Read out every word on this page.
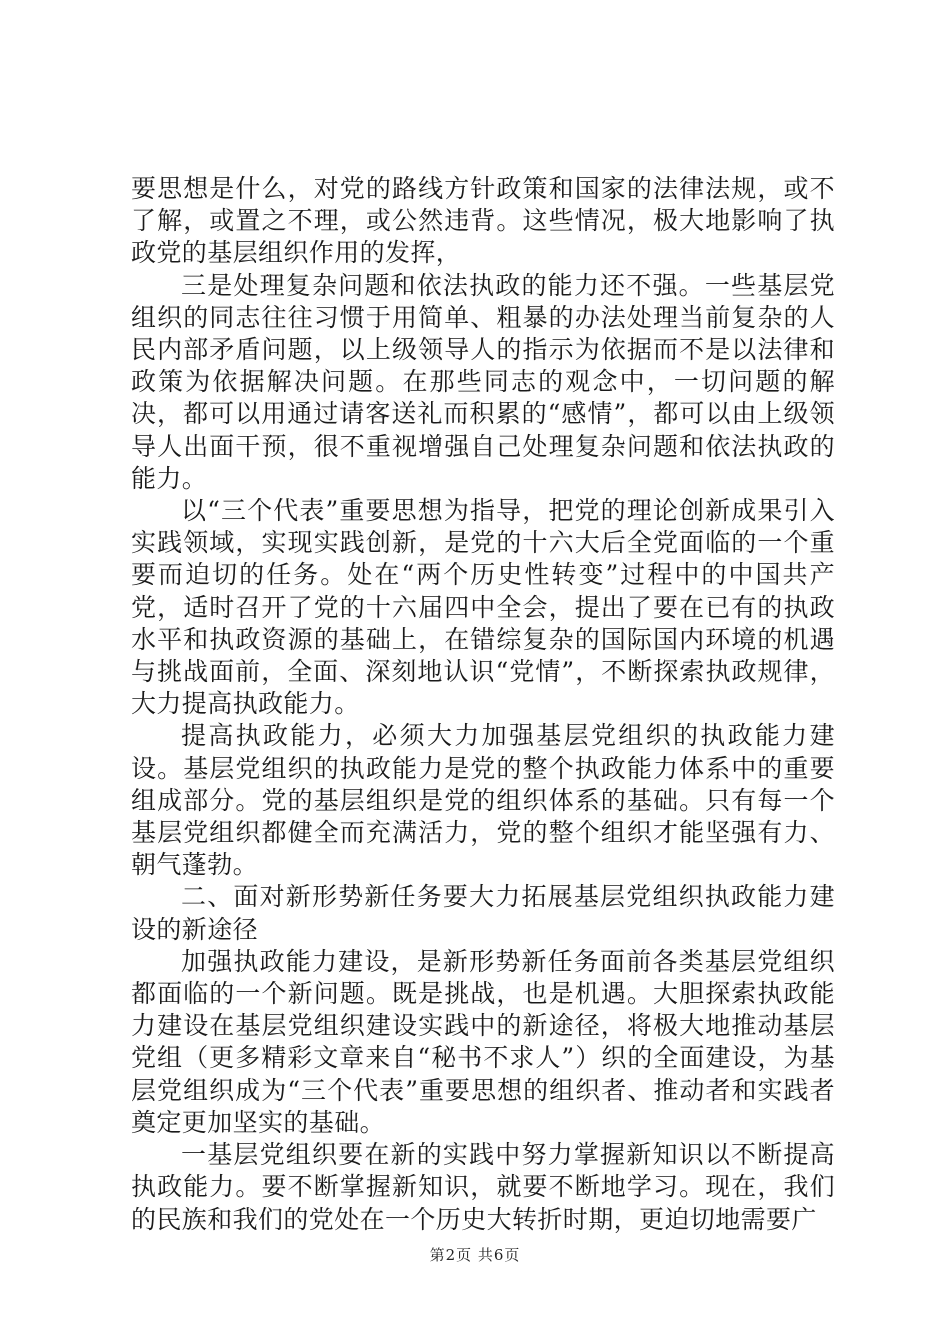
要思想是什么，对党的路线方针政策和国家的法律法规，或不了解，或置之不理，或公然违背。这些情况，极大地影响了执政党的基层组织作用的发挥，

三是处理复杂问题和依法执政的能力还不强。一些基层党组织的同志往往习惯于用简单、粗暴的办法处理当前复杂的人民内部矛盾问题，以上级领导人的指示为依据而不是以法律和政策为依据解决问题。在那些同志的观念中，一切问题的解决，都可以用通过请客送礼而积累的“感情”，都可以由上级领导人出面干预，很不重视增强自己处理复杂问题和依法执政的能力。

以“三个代表”重要思想为指导，把党的理论创新成果引入实践领域，实现实践创新，是党的十六大后全党面临的一个重要而迫切的任务。处在“两个历史性转变”过程中的中国共产党，适时召开了党的十六届四中全会，提出了要在已有的执政水平和执政资源的基础上，在错综复杂的国际国内环境的机遇与挑战面前，全面、深刻地认识“党情”，不断探索执政规律，大力提高执政能力。

提高执政能力，必须大力加强基层党组织的执政能力建设。基层党组织的执政能力是党的整个执政能力体系中的重要组成部分。党的基层组织是党的组织体系的基础。只有每一个基层党组织都健全而充满活力，党的整个组织才能坚强有力、朝气蓬勃。

二、面对新形势新任务要大力拓展基层党组织执政能力建设的新途径

加强执政能力建设，是新形势新任务面前各类基层党组织都面临的一个新问题。既是挑战，也是机遇。大胆探索执政能力建设在基层党组织建设实践中的新途径，将极大地推动基层党组（更多精彩文章来自“秘书不求人”）织的全面建设，为基层党组织成为“三个代表”重要思想的组织者、推动者和实践者奠定更加坚实的基础。

一基层党组织要在新的实践中努力掌握新知识以不断提高执政能力。要不断掌握新知识，就要不断地学习。现在，我们的民族和我们的党处在一个历史大转折时期，更迫切地需要广

第2页 共6页
